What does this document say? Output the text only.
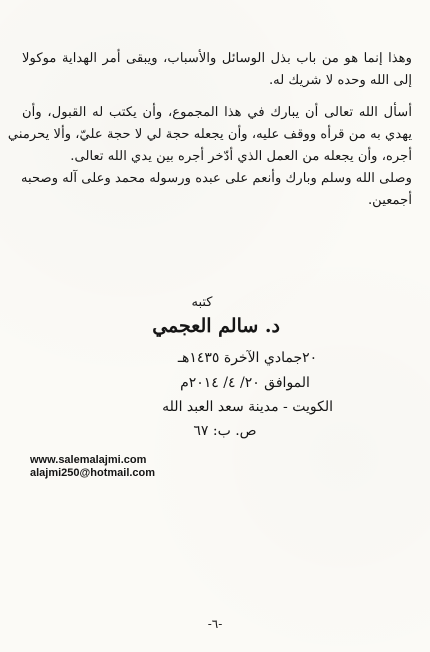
وهذا إنما هو من باب بذل الوسائل والأسباب، ويبقى أمر الهداية موكولا
إلى الله وحده لا شريك له.

أسأل الله تعالى أن يبارك في هذا المجموع، وأن يكتب له القبول، وأن
يهدي به من قرأه ووقف عليه، وأن يجعله حجة لي لا حجة عليّ، وألا يحرمني
أجره، وأن يجعله من العمل الذي أدّخر أجره بين يدي الله تعالى.

وصلى الله وسلم وبارك وأنعم على عبده ورسوله محمد وعلى آله وصحبه
أجمعين.

كتبه
د. سالم العجمي
٢٠جمادي الآخرة ١٤٣٥هـ
الموافق ٢٠/ ٤/ ٢٠١٤م
الكويت - مدينة سعد العبد الله
ص. ب: ٦٧
www.salemalajmi.com
alajmi250@hotmail.com
-٦-
